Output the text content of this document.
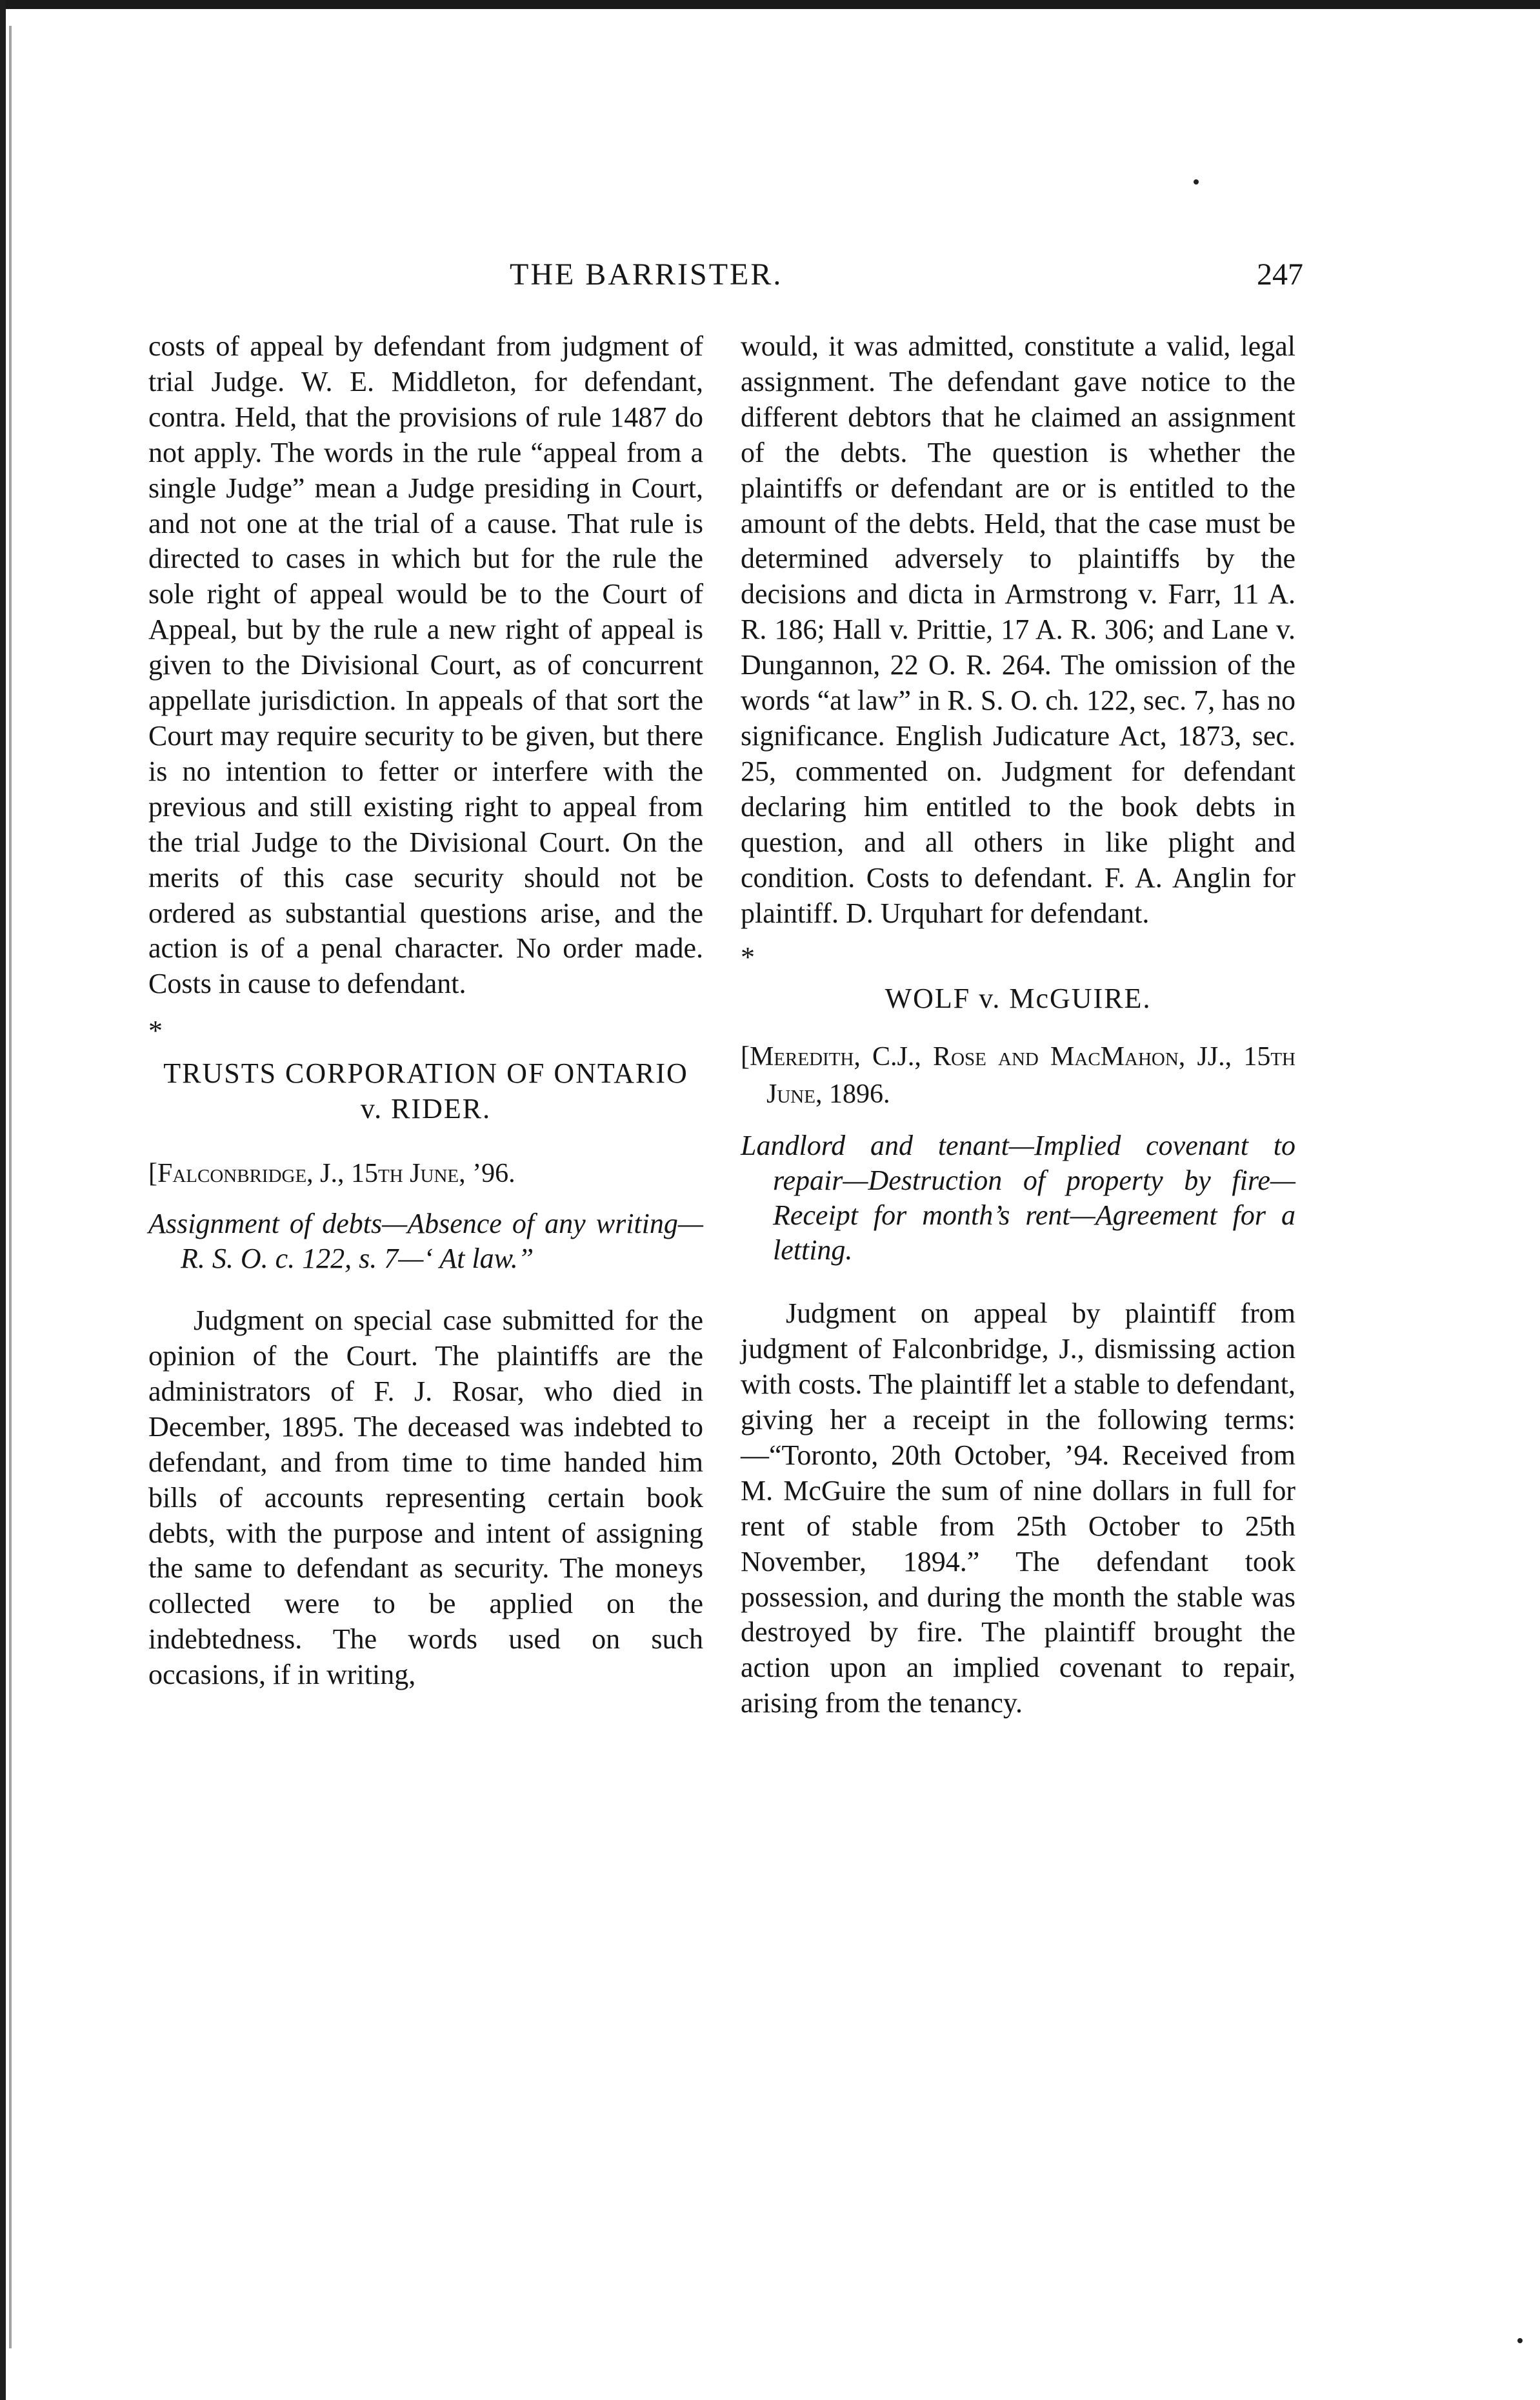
THE BARRISTER.	247

costs of appeal by defendant from judgment of trial Judge. W. E. Middleton, for defendant, contra. Held, that the provisions of rule 1487 do not apply. The words in the rule “appeal from a single Judge” mean a Judge presiding in Court, and not one at the trial of a cause. That rule is directed to cases in which but for the rule the sole right of appeal would be to the Court of Appeal, but by the rule a new right of appeal is given to the Divisional Court, as of concurrent appellate jurisdiction. In appeals of that sort the Court may require security to be given, but there is no intention to fetter or interfere with the previous and still existing right to appeal from the trial Judge to the Divisional Court. On the merits of this case security should not be ordered as substantial questions arise, and the action is of a penal character. No order made. Costs in cause to defendant.

*

TRUSTS CORPORATION OF ONTARIO v. RIDER.

[Falconbridge, J., 15th June, ’96.

Assignment of debts—Absence of any writing—R. S. O. c. 122, s. 7—‘ At law.”

Judgment on special case submitted for the opinion of the Court. The plaintiffs are the administrators of F. J. Rosar, who died in December, 1895. The deceased was indebted to defendant, and from time to time handed him bills of accounts representing certain book debts, with the purpose and intent of assigning the same to defendant as security. The moneys collected were to be applied on the indebtedness. The words used on such occasions, if in writing,

would, it was admitted, constitute a valid, legal assignment. The defendant gave notice to the different debtors that he claimed an assignment of the debts. The question is whether the plaintiffs or defendant are or is entitled to the amount of the debts. Held, that the case must be determined adversely to plaintiffs by the decisions and dicta in Armstrong v. Farr, 11 A. R. 186; Hall v. Prittie, 17 A. R. 306; and Lane v. Dungannon, 22 O. R. 264. The omission of the words “at law” in R. S. O. ch. 122, sec. 7, has no significance. English Judicature Act, 1873, sec. 25, commented on. Judgment for defendant declaring him entitled to the book debts in question, and all others in like plight and condition. Costs to defendant. F. A. Anglin for plaintiff. D. Urquhart for defendant.

*

WOLF v. McGUIRE.

[Meredith, C.J., Rose and MacMahon, JJ., 15th June, 1896.

Landlord and tenant—Implied covenant to repair—Destruction of property by fire—Receipt for month’s rent—Agreement for a letting.

Judgment on appeal by plaintiff from judgment of Falconbridge, J., dismissing action with costs. The plaintiff let a stable to defendant, giving her a receipt in the following terms:—“Toronto, 20th October, ’94. Received from M. McGuire the sum of nine dollars in full for rent of stable from 25th October to 25th November, 1894.” The defendant took possession, and during the month the stable was destroyed by fire. The plaintiff brought the action upon an implied covenant to repair, arising from the tenancy.
